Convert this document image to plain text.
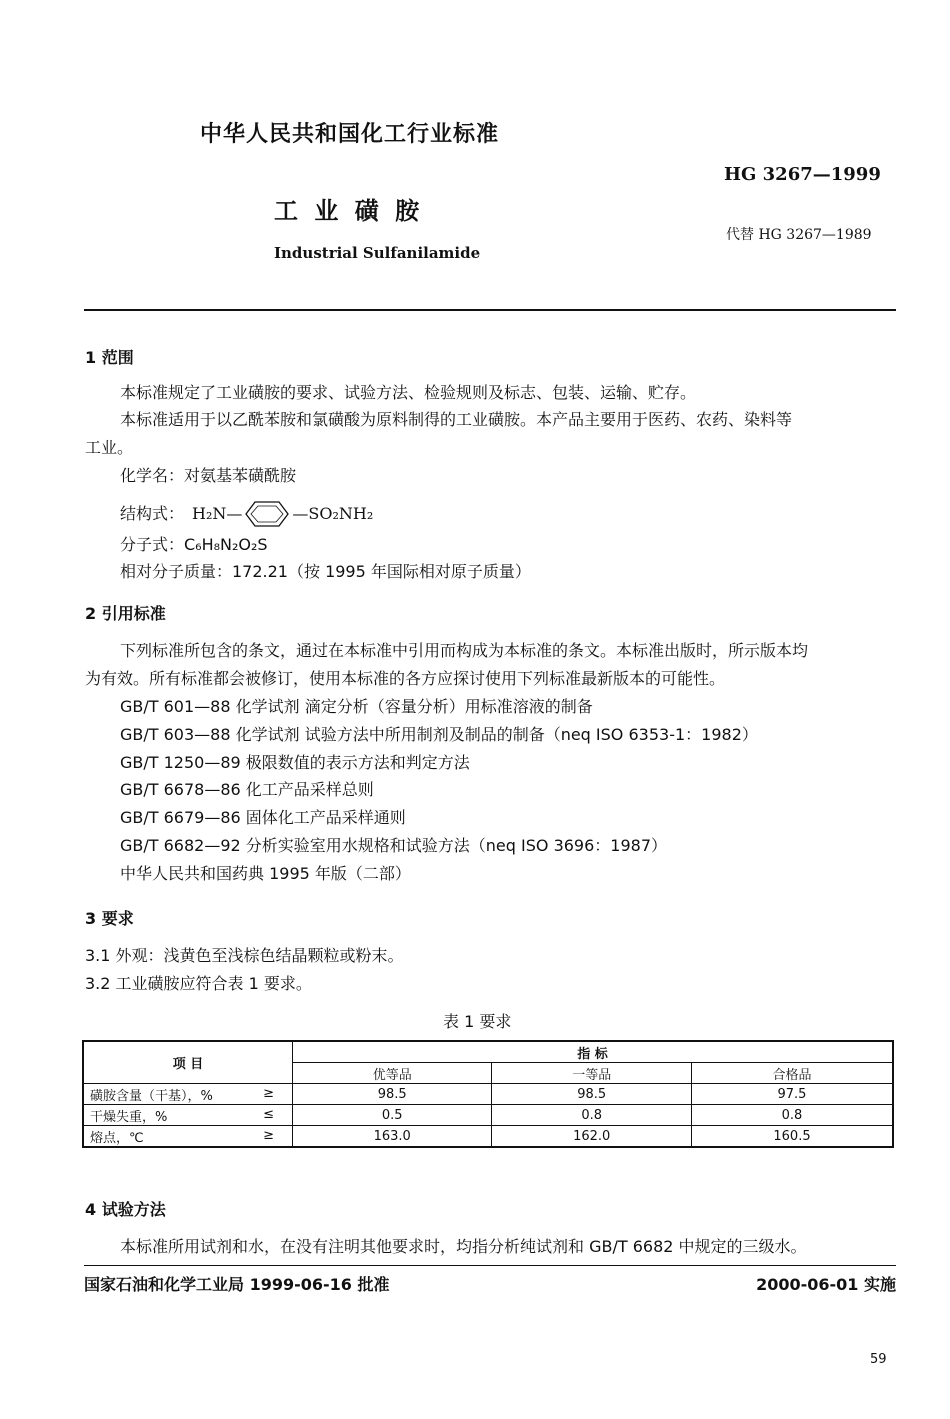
中华人民共和国化工行业标准
HG 3267—1999
工 业 磺 胺
代替 HG 3267—1989
Industrial Sulfanilamide
1 范围
本标准规定了工业磺胺的要求、试验方法、检验规则及标志、包装、运输、贮存。
本标准适用于以乙酰苯胺和氯磺酸为原料制得的工业磺胺。本产品主要用于医药、农药、染料等
工业。
化学名：对氨基苯磺酰胺
结构式： H₂N—	—SO₂NH₂
分子式：C₆H₈N₂O₂S
相对分子质量：172.21（按 1995 年国际相对原子质量）
2 引用标准
下列标准所包含的条文，通过在本标准中引用而构成为本标准的条文。本标准出版时，所示版本均
为有效。所有标准都会被修订，使用本标准的各方应探讨使用下列标准最新版本的可能性。
GB/T 601—88 化学试剂 滴定分析（容量分析）用标准溶液的制备
GB/T 603—88 化学试剂 试验方法中所用制剂及制品的制备（neq ISO 6353-1：1982）
GB/T 1250—89 极限数值的表示方法和判定方法
GB/T 6678—86 化工产品采样总则
GB/T 6679—86 固体化工产品采样通则
GB/T 6682—92 分析实验室用水规格和试验方法（neq ISO 3696：1987）
中华人民共和国药典 1995 年版（二部）
3 要求
3.1 外观：浅黄色至浅棕色结晶颗粒或粉末。
3.2 工业磺胺应符合表 1 要求。
表 1 要求
项 目	指 标		
	优等品	一等品	合格品
磺胺含量（干基），% ≥	98.5	98.5	97.5
干燥失重，% ≤	0.5	0.8	0.8
熔点，℃ ≥	163.0	162.0	160.5
4 试验方法
本标准所用试剂和水，在没有注明其他要求时，均指分析纯试剂和 GB/T 6682 中规定的三级水。
国家石油和化学工业局 1999-06-16 批准	2000-06-01 实施
59
